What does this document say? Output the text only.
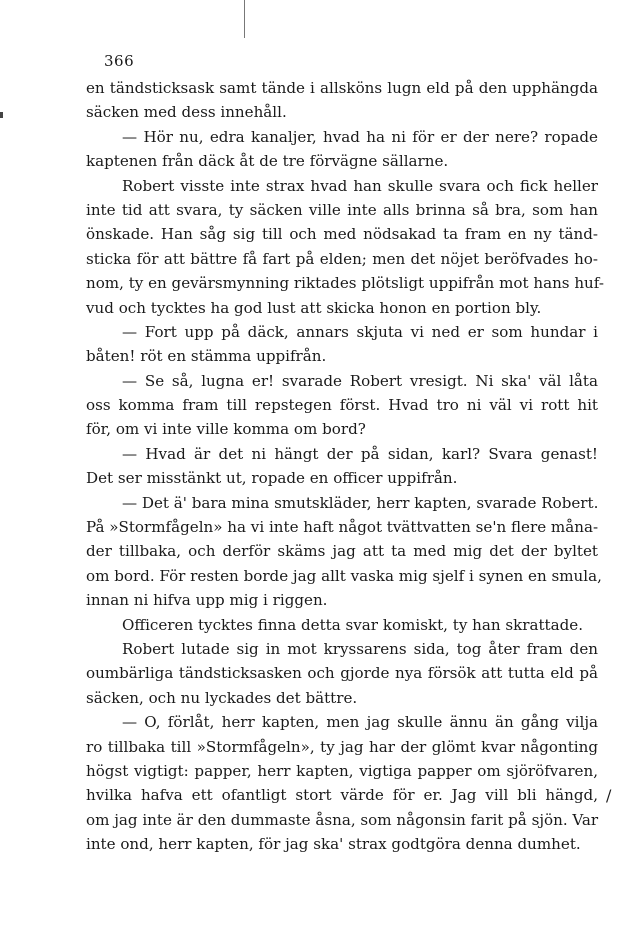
366
en tändsticksask samt tände i allsköns lugn eld på den upphängda
säcken med dess innehåll.
— Hör nu, edra kanaljer, hvad ha ni för er der nere? ropade
kaptenen från däck åt de tre förvägne sällarne.
Robert visste inte strax hvad han skulle svara och fick heller
inte tid att svara, ty säcken ville inte alls brinna så bra, som han
önskade. Han såg sig till och med nödsakad ta fram en ny tänd-
sticka för att bättre få fart på elden; men det nöjet beröfvades ho-
nom, ty en gevärsmynning riktades plötsligt uppifrån mot hans huf-
vud och tycktes ha god lust att skicka honon en portion bly.
— Fort upp på däck, annars skjuta vi ned er som hundar i
båten! röt en stämma uppifrån.
— Se så, lugna er! svarade Robert vresigt. Ni ska' väl låta
oss komma fram till repstegen först. Hvad tro ni väl vi rott hit
för, om vi inte ville komma om bord?
— Hvad är det ni hängt der på sidan, karl? Svara genast!
Det ser misstänkt ut, ropade en officer uppifrån.
— Det ä' bara mina smutskläder, herr kapten, svarade Robert.
På »Stormfågeln» ha vi inte haft något tvättvatten se'n flere måna-
der tillbaka, och derför skäms jag att ta med mig det der byltet
om bord. För resten borde jag allt vaska mig sjelf i synen en smula,
innan ni hifva upp mig i riggen.
Officeren tycktes finna detta svar komiskt, ty han skrattade.
Robert lutade sig in mot kryssarens sida, tog åter fram den
oumbärliga tändsticksasken och gjorde nya försök att tutta eld på
säcken, och nu lyckades det bättre.
— O, förlåt, herr kapten, men jag skulle ännu än gång vilja
ro tillbaka till »Stormfågeln», ty jag har der glömt kvar någonting
högst vigtigt: papper, herr kapten, vigtiga papper om sjöröfvaren,
hvilka hafva ett ofantligt stort värde för er. Jag vill bli hängd,
om jag inte är den dummaste åsna, som någonsin farit på sjön. Var
inte ond, herr kapten, för jag ska' strax godtgöra denna dumhet.
/
